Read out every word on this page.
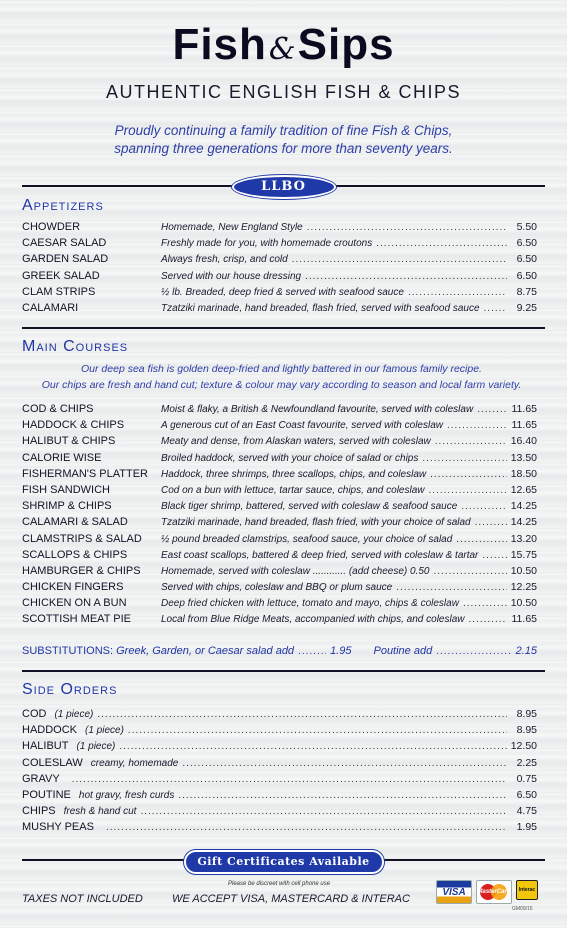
Fish&Sips
AUTHENTIC ENGLISH FISH & CHIPS
Proudly continuing a family tradition of fine Fish & Chips,
spanning three generations for more than seventy years.
LLBO
Appetizers
CHOWDER	Homemade, New England Style .....	5.50
CAESAR SALAD	Freshly made for you, with homemade croutons .....	6.50
GARDEN SALAD	Always fresh, crisp, and cold .....	6.50
GREEK SALAD	Served with our house dressing .....	6.50
CLAM STRIPS	½ lb. Breaded, deep fried & served with seafood sauce .....	8.75
CALAMARI	Tzatziki marinade, hand breaded, flash fried, served with seafood sauce .....	9.25
Main Courses
Our deep sea fish is golden deep-fried and lightly battered in our famous family recipe.
Our chips are fresh and hand cut; texture & colour may vary according to season and local farm variety.
COD & CHIPS	Moist & flaky, a British & Newfoundland favourite, served with coleslaw .....	11.65
HADDOCK & CHIPS	A generous cut of an East Coast favourite, served with coleslaw .....	11.65
HALIBUT & CHIPS	Meaty and dense, from Alaskan waters, served with coleslaw .....	16.40
CALORIE WISE	Broiled haddock, served with your choice of salad or chips .....	13.50
FISHERMAN'S PLATTER	Haddock, three shrimps, three scallops, chips, and coleslaw .....	18.50
FISH SANDWICH	Cod on a bun with lettuce, tartar sauce, chips, and coleslaw .....	12.65
SHRIMP & CHIPS	Black tiger shrimp, battered, served with coleslaw & seafood sauce .....	14.25
CALAMARI & SALAD	Tzatziki marinade, hand breaded, flash fried, with your choice of salad .....	14.25
CLAMSTRIPS & SALAD	½ pound breaded clamstrips, seafood sauce, your choice of salad .....	13.20
SCALLOPS & CHIPS	East coast scallops, battered & deep fried, served with coleslaw & tartar .....	15.75
HAMBURGER & CHIPS	Homemade, served with coleslaw ............ (add cheese) 0.50 .....	10.50
CHICKEN FINGERS	Served with chips, coleslaw and BBQ or plum sauce .....	12.25
CHICKEN ON A BUN	Deep fried chicken with lettuce, tomato and mayo, chips & coleslaw .....	10.50
SCOTTISH MEAT PIE	Local from Blue Ridge Meats, accompanied with chips, and coleslaw .....	11.65
SUBSTITUTIONS:
Greek, Garden, or Caesar salad add .....	1.95 Poutine add .....	2.15
Side Orders
COD (1 piece) .....	8.95
HADDOCK (1 piece) .....	8.95
HALIBUT (1 piece) .....	12.50
COLESLAW creamy, homemade .....	2.25
GRAVY .....	0.75
POUTINE hot gravy, fresh curds .....	6.50
CHIPS fresh & hand cut .....	4.75
MUSHY PEAS .....	1.95
Gift Certificates Available
Please be discreet with cell phone use
TAXES NOT INCLUDED	WE ACCEPT VISA, MASTERCARD & INTERAC
VISA	MasterCard	Interac
GM09/15
